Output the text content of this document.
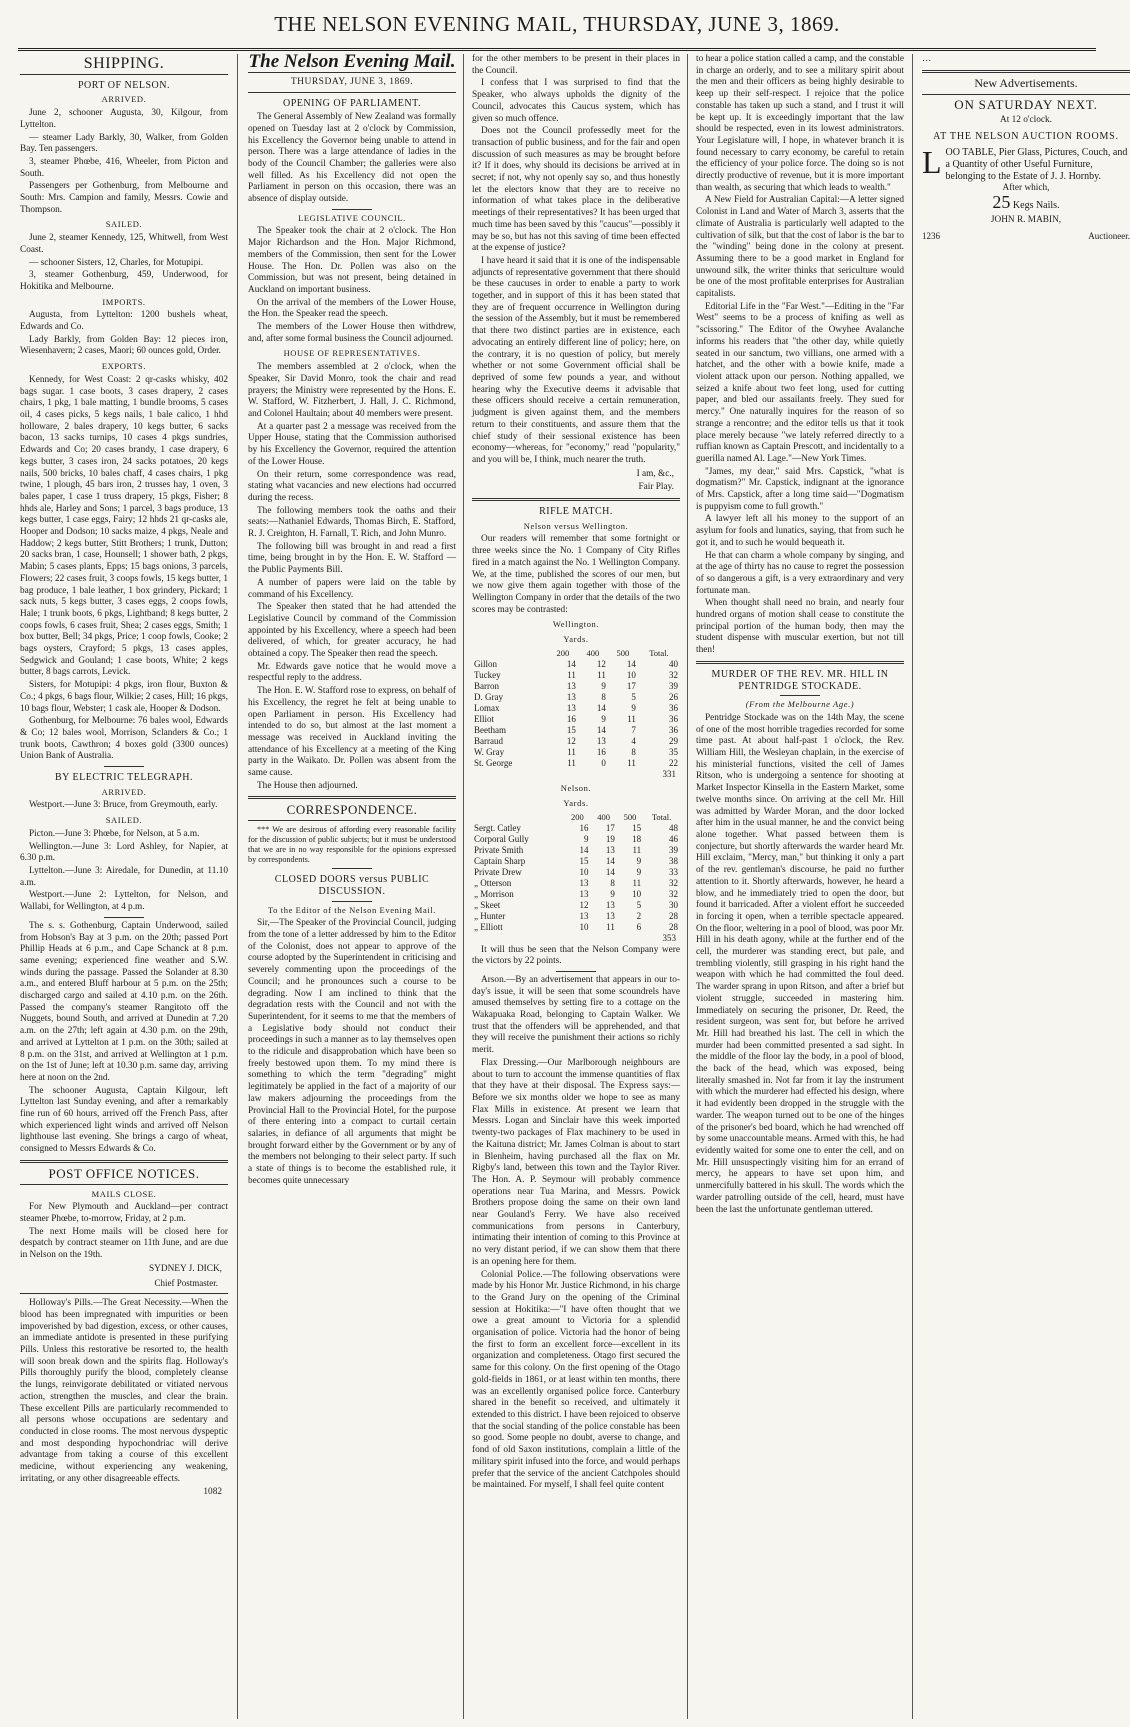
THE NELSON EVENING MAIL, THURSDAY, JUNE 3, 1869.
SHIPPING.
PORT OF NELSON.
ARRIVED.

June 2, schooner Augusta, 30, Kilgour, from Lyttelton.

— steamer Lady Barkly, 30, Walker, from Golden Bay. Ten passengers.

3, steamer Phœbe, 416, Wheeler, from Picton and South.

Passengers per Gothenburg, from Melbourne and South: Mrs. Campion and family, Messrs. Cowie and Thompson.

SAILED.

June 2, steamer Kennedy, 125, Whitwell, from West Coast.

— schooner Sisters, 12, Charles, for Motupipi.

3, steamer Gothenburg, 459, Underwood, for Hokitika and Melbourne.

IMPORTS.

Augusta, from Lyttelton: 1200 bushels wheat, Edwards and Co.

Lady Barkly, from Golden Bay: 12 pieces iron, Wiesenhavern; 2 cases, Maori; 60 ounces gold, Order.

EXPORTS.

Kennedy, for West Coast: 2 qr-casks whisky, 402 bags sugar. 1 case boots, 3 cases drapery, 2 cases chairs, 1 pkg, 1 bale matting, 1 bundle brooms, 5 cases oil, 4 cases picks, 5 kegs nails, 1 bale calico, 1 hhd holloware, 2 bales drapery, 10 kegs butter, 6 sacks bacon, 13 sacks turnips, 10 cases 4 pkgs sundries, Edwards and Co; 20 cases brandy, 1 case drapery, 6 kegs butter, 3 cases iron, 24 sacks potatoes, 20 kegs nails, 500 bricks, 10 bales chaff, 4 cases chairs, 1 pkg twine, 1 plough, 45 bars iron, 2 trusses hay, 1 oven, 3 bales paper, 1 case 1 truss drapery, 15 pkgs, Fisher; 8 hhds ale, Harley and Sons; 1 parcel, 3 bags produce, 13 kegs butter, 1 case eggs, Fairy; 12 hhds 21 qr-casks ale, Hooper and Dodson; 10 sacks maize, 4 pkgs, Neale and Haddow; 2 kegs butter, Stitt Brothers; 1 trunk, Dutton; 20 sacks bran, 1 case, Hounsell; 1 shower bath, 2 pkgs, Mabin; 5 cases plants, Epps; 15 bags onions, 3 parcels, Flowers; 22 cases fruit, 3 coops fowls, 15 kegs butter, 1 bag produce, 1 bale leather, 1 box grindery, Pickard; 1 sack nuts, 5 kegs butter, 3 cases eggs, 2 coops fowls, Hale; 1 trunk boots, 6 pkgs, Lightband; 8 kegs butter, 2 coops fowls, 6 cases fruit, Shea; 2 cases eggs, Smith; 1 box butter, Bell; 34 pkgs, Price; 1 coop fowls, Cooke; 2 bags oysters, Crayford; 5 pkgs, 13 cases apples, Sedgwick and Gouland; 1 case boots, White; 2 kegs butter, 8 bags carrots, Levick.

Sisters, for Motupipi: 4 pkgs, iron flour, Buxton & Co.; 4 pkgs, 6 bags flour, Wilkie; 2 cases, Hill; 16 pkgs, 10 bags flour, Webster; 1 cask ale, Hooper & Dodson.

Gothenburg, for Melbourne: 76 bales wool, Edwards & Co; 12 bales wool, Morrison, Sclanders & Co.; 1 trunk boots, Cawthron; 4 boxes gold (3300 ounces) Union Bank of Australia.

BY ELECTRIC TELEGRAPH.
ARRIVED.

Westport.—June 3: Bruce, from Greymouth, early.

SAILED.

Picton.—June 3: Phœbe, for Nelson, at 5 a.m.

Wellington.—June 3: Lord Ashley, for Napier, at 6.30 p.m.

Lyttelton.—June 3: Airedale, for Dunedin, at 11.10 a.m.

Westport.—June 2: Lyttelton, for Nelson, and Wallabi, for Wellington, at 4 p.m.

The s. s. Gothenburg, Captain Underwood, sailed from Hobson's Bay at 3 p.m. on the 20th; passed Port Phillip Heads at 6 p.m., and Cape Schanck at 8 p.m. same evening; experienced fine weather and S.W. winds during the passage. Passed the Solander at 8.30 a.m., and entered Bluff harbour at 5 p.m. on the 25th; discharged cargo and sailed at 4.10 p.m. on the 26th. Passed the company's steamer Rangitoto off the Nuggets, bound South, and arrived at Dunedin at 7.20 a.m. on the 27th; left again at 4.30 p.m. on the 29th, and arrived at Lyttelton at 1 p.m. on the 30th; sailed at 8 p.m. on the 31st, and arrived at Wellington at 1 p.m. on the 1st of June; left at 10.30 p.m. same day, arriving here at noon on the 2nd.

The schooner Augusta, Captain Kilgour, left Lyttelton last Sunday evening, and after a remarkably fine run of 60 hours, arrived off the French Pass, after which experienced light winds and arrived off Nelson lighthouse last evening. She brings a cargo of wheat, consigned to Messrs Edwards & Co.

POST OFFICE NOTICES.
MAILS CLOSE.

For New Plymouth and Auckland—per contract steamer Phœbe, to-morrow, Friday, at 2 p.m.

The next Home mails will be closed here for despatch by contract steamer on 11th June, and are due in Nelson on the 19th.

SYDNEY J. DICK,
Chief Postmaster.

Holloway's Pills.—The Great Necessity.—When the blood has been impregnated with impurities or been impoverished by bad digestion, excess, or other causes, an immediate antidote is presented in these purifying Pills. Unless this restorative be resorted to, the health will soon break down and the spirits flag. Holloway's Pills thoroughly purify the blood, completely cleanse the lungs, reinvigorate debilitated or vitiated nervous action, strengthen the muscles, and clear the brain. These excellent Pills are particularly recommended to all persons whose occupations are sedentary and conducted in close rooms. The most nervous dyspeptic and most desponding hypochondriac will derive advantage from taking a course of this excellent medicine, without experiencing any weakening, irritating, or any other disagreeable effects.

1082
The Nelson Evening Mail.
THURSDAY, JUNE 3, 1869.
OPENING OF PARLIAMENT.

The General Assembly of New Zealand was formally opened on Tuesday last at 2 o'clock by Commission, his Excellency the Governor being unable to attend in person. There was a large attendance of ladies in the body of the Council Chamber; the galleries were also well filled. As his Excellency did not open the Parliament in person on this occasion, there was an absence of display outside.

LEGISLATIVE COUNCIL.

The Speaker took the chair at 2 o'clock. The Hon Major Richardson and the Hon. Major Richmond, members of the Commission, then sent for the Lower House. The Hon. Dr. Pollen was also on the Commission, but was not present, being detained in Auckland on important business.

On the arrival of the members of the Lower House, the Hon. the Speaker read the speech.

The members of the Lower House then withdrew, and, after some formal business the Council adjourned.

HOUSE OF REPRESENTATIVES.

The members assembled at 2 o'clock, when the Speaker, Sir David Monro, took the chair and read prayers; the Ministry were represented by the Hons. E. W. Stafford, W. Fitzherbert, J. Hall, J. C. Richmond, and Colonel Haultain; about 40 members were present.

At a quarter past 2 a message was received from the Upper House, stating that the Commission authorised by his Excellency the Governor, required the attention of the Lower House.

On their return, some correspondence was read, stating what vacancies and new elections had occurred during the recess.

The following members took the oaths and their seats:—Nathaniel Edwards, Thomas Birch, E. Stafford, R. J. Creighton, H. Farnall, T. Rich, and John Munro.

The following bill was brought in and read a first time, being brought in by the Hon. E. W. Stafford — the Public Payments Bill.

A number of papers were laid on the table by command of his Excellency.

The Speaker then stated that he had attended the Legislative Council by command of the Commission appointed by his Excellency, where a speech had been delivered, of which, for greater accuracy, he had obtained a copy. The Speaker then read the speech.

Mr. Edwards gave notice that he would move a respectful reply to the address.

The Hon. E. W. Stafford rose to express, on behalf of his Excellency, the regret he felt at being unable to open Parliament in person. His Excellency had intended to do so, but almost at the last moment a message was received in Auckland inviting the attendance of his Excellency at a meeting of the King party in the Waikato. Dr. Pollen was absent from the same cause.

The House then adjourned.

CORRESPONDENCE.

*** We are desirous of affording every reasonable facility for the discussion of public subjects; but it must be understood that we are in no way responsible for the opinions expressed by correspondents.

CLOSED DOORS versus PUBLIC DISCUSSION.
To the Editor of the Nelson Evening Mail.

Sir,—The Speaker of the Provincial Council, judging from the tone of a letter addressed by him to the Editor of the Colonist, does not appear to approve of the course adopted by the Superintendent in criticising and severely commenting upon the proceedings of the Council; and he pronounces such a course to be degrading. Now I am inclined to think that the degradation rests with the Council and not with the Superintendent, for it seems to me that the members of a Legislative body should not conduct their proceedings in such a manner as to lay themselves open to the ridicule and disapprobation which have been so freely bestowed upon them. To my mind there is something to which the term "degrading" might legitimately be applied in the fact of a majority of our law makers adjourning the proceedings from the Provincial Hall to the Provincial Hotel, for the purpose of there entering into a compact to curtail certain salaries, in defiance of all arguments that might be brought forward either by the Government or by any of the members not belonging to their select party. If such a state of things is to become the established rule, it becomes quite unnecessary

for the other members to be present in their places in the Council.

I confess that I was surprised to find that the Speaker, who always upholds the dignity of the Council, advocates this Caucus system, which has given so much offence.

Does not the Council professedly meet for the transaction of public business, and for the fair and open discussion of such measures as may be brought before it? If it does, why should its decisions be arrived at in secret; if not, why not openly say so, and thus honestly let the electors know that they are to receive no information of what takes place in the deliberative meetings of their representatives? It has been urged that much time has been saved by this "caucus"—possibly it may be so, but has not this saving of time been effected at the expense of justice?

I have heard it said that it is one of the indispensable adjuncts of representative government that there should be these caucuses in order to enable a party to work together, and in support of this it has been stated that they are of frequent occurrence in Wellington during the session of the Assembly, but it must be remembered that there two distinct parties are in existence, each advocating an entirely different line of policy; here, on the contrary, it is no question of policy, but merely whether or not some Government official shall be deprived of some few pounds a year, and without hearing why the Executive deems it advisable that these officers should receive a certain remuneration, judgment is given against them, and the members return to their constituents, and assure them that the chief study of their sessional existence has been economy—whereas, for "economy," read "popularity," and you will be, I think, much nearer the truth.

I am, &c.,
Fair Play.
RIFLE MATCH.
Nelson versus Wellington.

Our readers will remember that some fortnight or three weeks since the No. 1 Company of City Rifles fired in a match against the No. 1 Wellington Company. We, at the time, published the scores of our men, but we now give them again together with those of the Wellington Company in order that the details of the two scores may be contrasted:

Wellington.
Yards.
	200	400	500	Total.
Gillon	14	12	14	40
Tuckey	11	11	10	32
Barron	13	9	17	39
D. Gray	13	8	5	26
Lomax	13	14	9	36
Elliot	16	9	11	36
Beetham	15	14	7	36
Barraud	12	13	4	29
W. Gray	11	16	8	35
St. George	11	0	11	22
331
Nelson.
Yards.
	200	400	500	Total.
Sergt. Catley	16	17	15	48
Corporal Gully	9	19	18	46
Private Smith	14	13	11	39
Captain Sharp	15	14	9	38
Private Drew	10	14	9	33
„ Otterson	13	8	11	32
„ Morrison	13	9	10	32
„ Skeet	12	13	5	30
„ Hunter	13	13	2	28
„ Elliott	10	11	6	28
353

It will thus be seen that the Nelson Company were the victors by 22 points.

Arson.—By an advertisement that appears in our to-day's issue, it will be seen that some scoundrels have amused themselves by setting fire to a cottage on the Wakapuaka Road, belonging to Captain Walker. We trust that the offenders will be apprehended, and that they will receive the punishment their actions so richly merit.

Flax Dressing.—Our Marlborough neighbours are about to turn to account the immense quantities of flax that they have at their disposal. The Express says:—Before we six months older we hope to see as many Flax Mills in existence. At present we learn that Messrs. Logan and Sinclair have this week imported twenty-two packages of Flax machinery to be used in the Kaituna district; Mr. James Colman is about to start in Blenheim, having purchased all the flax on Mr. Rigby's land, between this town and the Taylor River. The Hon. A. P. Seymour will probably commence operations near Tua Marina, and Messrs. Powick Brothers propose doing the same on their own land near Gouland's Ferry. We have also received communications from persons in Canterbury, intimating their intention of coming to this Province at no very distant period, if we can show them that there is an opening here for them.

Colonial Police.—The following observations were made by his Honor Mr. Justice Richmond, in his charge to the Grand Jury on the opening of the Criminal session at Hokitika:—"I have often thought that we owe a great amount to Victoria for a splendid organisation of police. Victoria had the honor of being the first to form an excellent force—excellent in its organization and completeness. Otago first secured the same for this colony. On the first opening of the Otago gold-fields in 1861, or at least within ten months, there was an excellently organised police force. Canterbury shared in the benefit so received, and ultimately it extended to this district. I have been rejoiced to observe that the social standing of the police constable has been so good. Some people no doubt, averse to change, and fond of old Saxon institutions, complain a little of the military spirit infused into the force, and would perhaps prefer that the service of the ancient Catchpoles should be maintained. For myself, I shall feel quite content

to hear a police station called a camp, and the constable in charge an orderly, and to see a military spirit about the men and their officers as being highly desirable to keep up their self-respect. I rejoice that the police constable has taken up such a stand, and I trust it will be kept up. It is exceedingly important that the law should be respected, even in its lowest administrators. Your Legislature will, I hope, in whatever branch it is found necessary to carry economy, be careful to retain the efficiency of your police force. The doing so is not directly productive of revenue, but it is more important than wealth, as securing that which leads to wealth."

A New Field for Australian Capital:—A letter signed Colonist in Land and Water of March 3, asserts that the climate of Australia is particularly well adapted to the cultivation of silk, but that the cost of labor is the bar to the "winding" being done in the colony at present. Assuming there to be a good market in England for unwound silk, the writer thinks that sericulture would be one of the most profitable enterprises for Australian capitalists.

Editorial Life in the "Far West."—Editing in the "Far West" seems to be a process of knifing as well as "scissoring." The Editor of the Owyhee Avalanche informs his readers that "the other day, while quietly seated in our sanctum, two villians, one armed with a hatchet, and the other with a bowie knife, made a violent attack upon our person. Nothing appalled, we seized a knife about two feet long, used for cutting paper, and bled our assailants freely. They sued for mercy." One naturally inquires for the reason of so strange a rencontre; and the editor tells us that it took place merely because "we lately referred directly to a ruffian known as Captain Prescott, and incidentally to a guerilla named Al. Lage."—New York Times.

"James, my dear," said Mrs. Capstick, "what is dogmatism?" Mr. Capstick, indignant at the ignorance of Mrs. Capstick, after a long time said—"Dogmatism is puppyism come to full growth."

A lawyer left all his money to the support of an asylum for fools and lunatics, saying, that from such he got it, and to such he would bequeath it.

He that can charm a whole company by singing, and at the age of thirty has no cause to regret the possession of so dangerous a gift, is a very extraordinary and very fortunate man.

When thought shall need no brain, and nearly four hundred organs of motion shall cease to constitute the principal portion of the human body, then may the student dispense with muscular exertion, but not till then!

MURDER OF THE REV. MR. HILL IN PENTRIDGE STOCKADE.
(From the Melbourne Age.)

Pentridge Stockade was on the 14th May, the scene of one of the most horrible tragedies recorded for some time past. At about half-past 1 o'clock, the Rev. William Hill, the Wesleyan chaplain, in the exercise of his ministerial functions, visited the cell of James Ritson, who is undergoing a sentence for shooting at Market Inspector Kinsella in the Eastern Market, some twelve months since. On arriving at the cell Mr. Hill was admitted by Warder Moran, and the door locked after him in the usual manner, he and the convict being alone together. What passed between them is conjecture, but shortly afterwards the warder heard Mr. Hill exclaim, "Mercy, man," but thinking it only a part of the rev. gentleman's discourse, he paid no further attention to it. Shortly afterwards, however, he heard a blow, and he immediately tried to open the door, but found it barricaded. After a violent effort he succeeded in forcing it open, when a terrible spectacle appeared. On the floor, weltering in a pool of blood, was poor Mr. Hill in his death agony, while at the further end of the cell, the murderer was standing erect, but pale, and trembling violently, still grasping in his right hand the weapon with which he had committed the foul deed. The warder sprang in upon Ritson, and after a brief but violent struggle, succeeded in mastering him. Immediately on securing the prisoner, Dr. Reed, the resident surgeon, was sent for, but before he arrived Mr. Hill had breathed his last. The cell in which the murder had been committed presented a sad sight. In the middle of the floor lay the body, in a pool of blood, the back of the head, which was exposed, being literally smashed in. Not far from it lay the instrument with which the murderer had effected his design, where it had evidently been dropped in the struggle with the warder. The weapon turned out to be one of the hinges of the prisoner's bed board, which he had wrenched off by some unaccountable means. Armed with this, he had evidently waited for some one to enter the cell, and on Mr. Hill unsuspectingly visiting him for an errand of mercy, he appears to have set upon him, and unmercifully battered in his skull. The words which the warder patrolling outside of the cell, heard, must have been the last the unfortunate gentleman uttered.

…

New Advertisements.
ON SATURDAY NEXT.
At 12 o'clock.
AT THE NELSON AUCTION ROOMS.
L OO TABLE, Pier Glass, Pictures, Couch, and a Quantity of other Useful Furniture, belonging to the Estate of J. J. Hornby.
After which,
25 Kegs Nails.
JOHN R. MABIN,
1236	Auctioneer.
